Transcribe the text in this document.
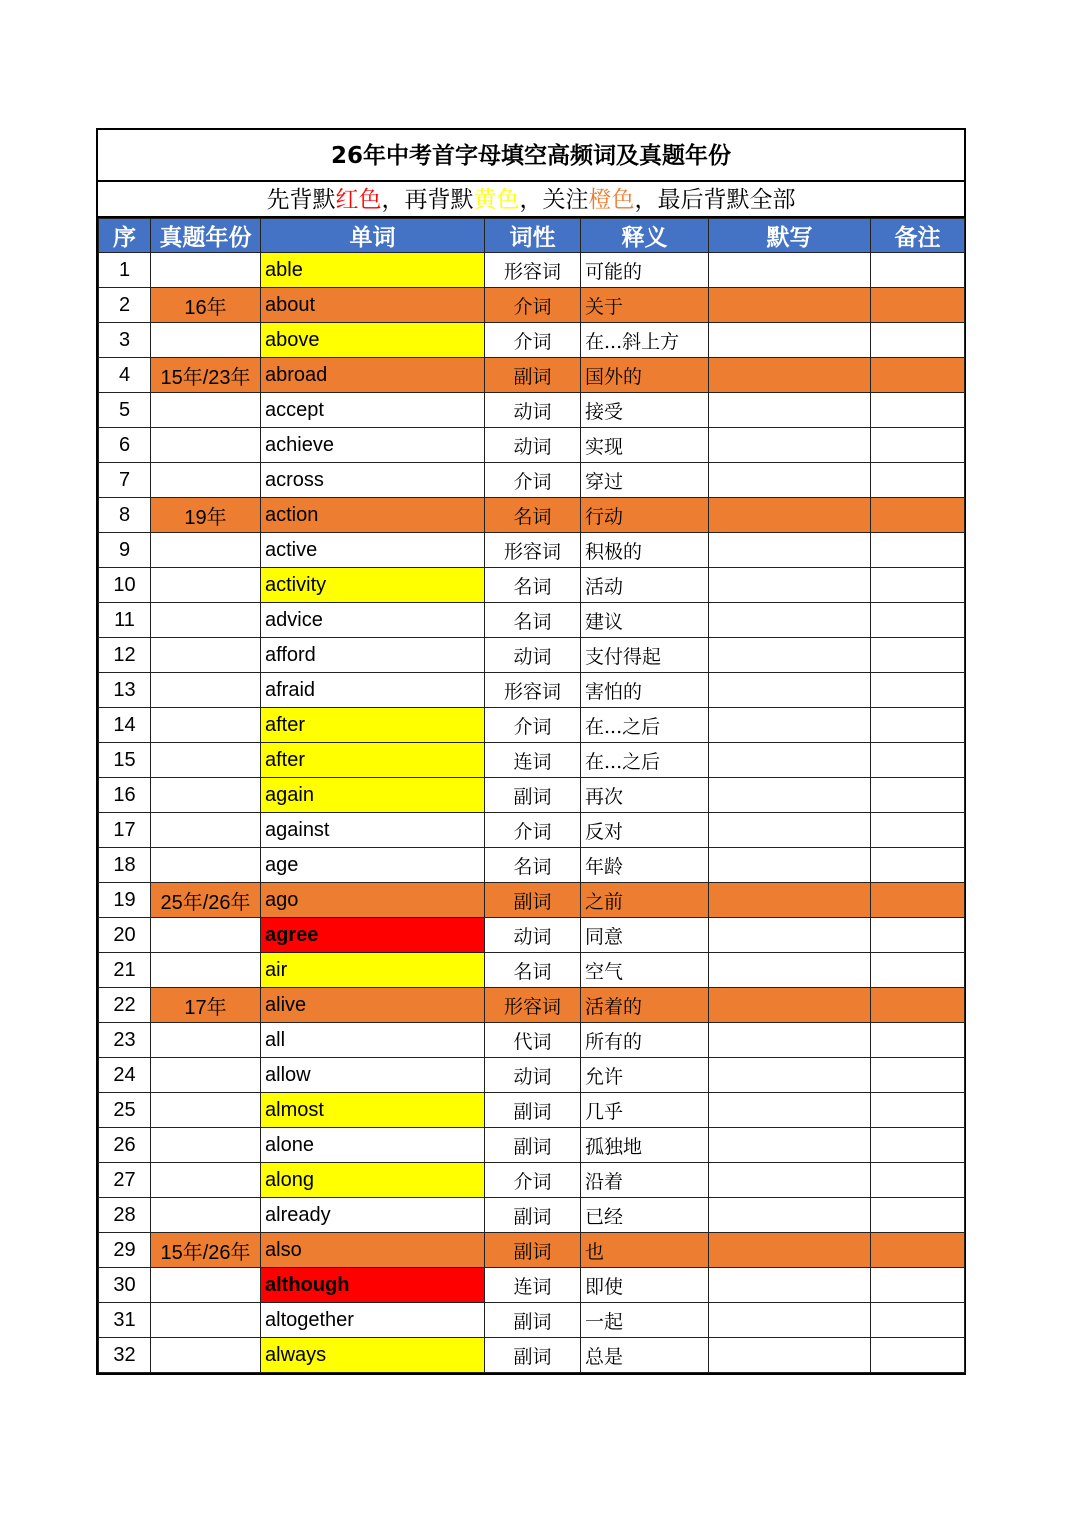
26年中考首字母填空高频词及真题年份
先背默红色，再背默黄色，关注橙色，最后背默全部
序	真题年份	单词	词性	释义	默写	备注
1		able	形容词	可能的		
2	16年	about	介词	关于		
3		above	介词	在...斜上方		
4	15年/23年	abroad	副词	国外的		
5		accept	动词	接受		
6		achieve	动词	实现		
7		across	介词	穿过		
8	19年	action	名词	行动		
9		active	形容词	积极的		
10		activity	名词	活动		
11		advice	名词	建议		
12		afford	动词	支付得起		
13		afraid	形容词	害怕的		
14		after	介词	在...之后		
15		after	连词	在...之后		
16		again	副词	再次		
17		against	介词	反对		
18		age	名词	年龄		
19	25年/26年	ago	副词	之前		
20		agree	动词	同意		
21		air	名词	空气		
22	17年	alive	形容词	活着的		
23		all	代词	所有的		
24		allow	动词	允许		
25		almost	副词	几乎		
26		alone	副词	孤独地		
27		along	介词	沿着		
28		already	副词	已经		
29	15年/26年	also	副词	也		
30		although	连词	即使		
31		altogether	副词	一起		
32		always	副词	总是		
